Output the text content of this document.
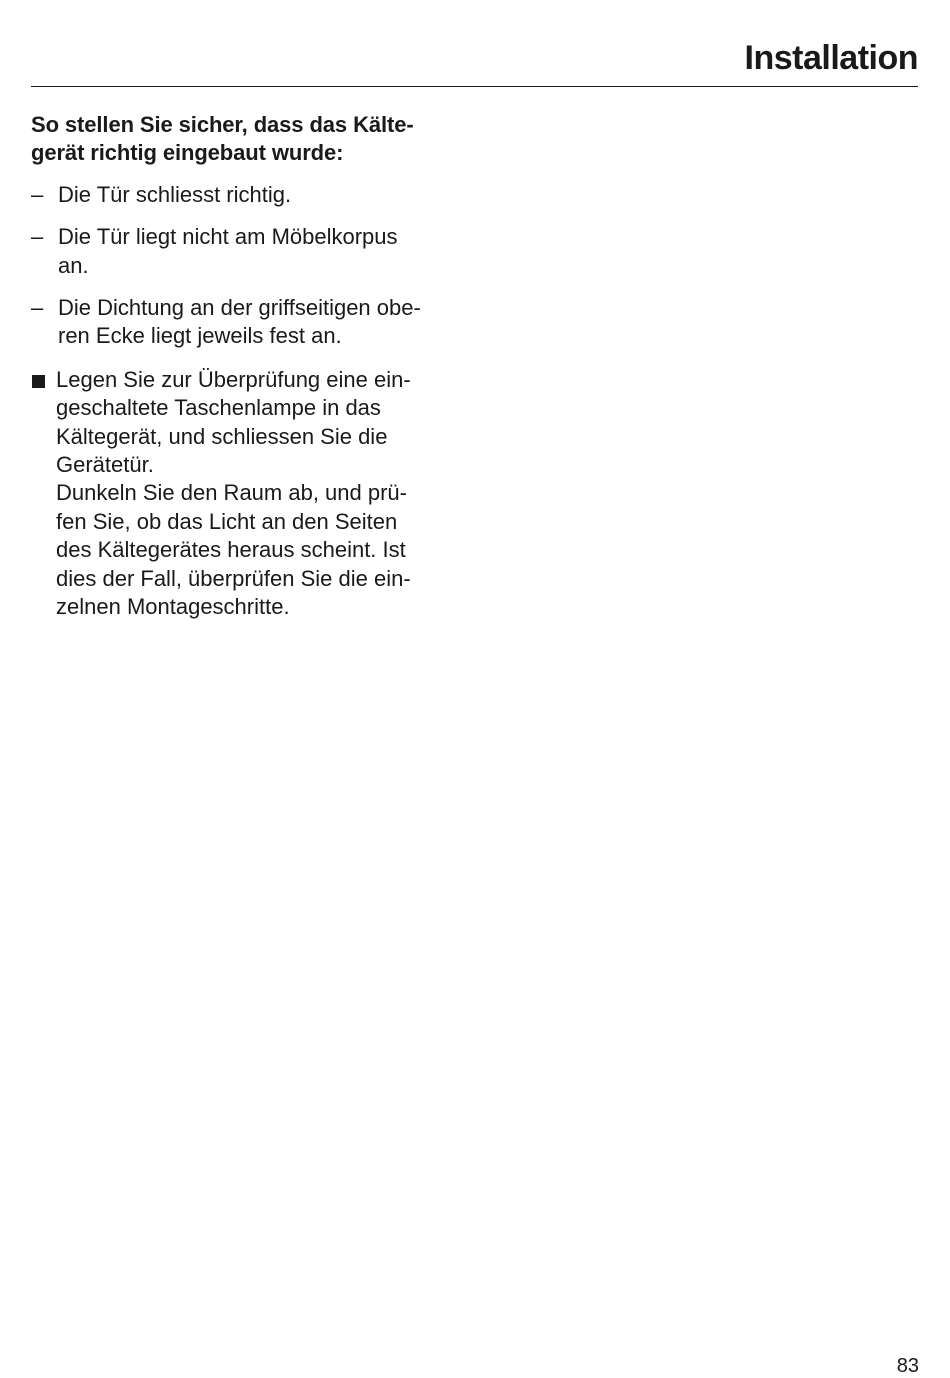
Installation
So stellen Sie sicher, dass das Kälte-
gerät richtig eingebaut wurde:
– Die Tür schliesst richtig.
– Die Tür liegt nicht am Möbelkorpus
an.
– Die Dichtung an der griffseitigen obe-
ren Ecke liegt jeweils fest an.

Legen Sie zur Überprüfung eine ein-

geschaltete Taschenlampe in das

Kältegerät, und schliessen Sie die

Gerätetür.

Dunkeln Sie den Raum ab, und prü-

fen Sie, ob das Licht an den Seiten

des Kältegerätes heraus scheint. Ist

dies der Fall, überprüfen Sie die ein-

zelnen Montageschritte.

83
